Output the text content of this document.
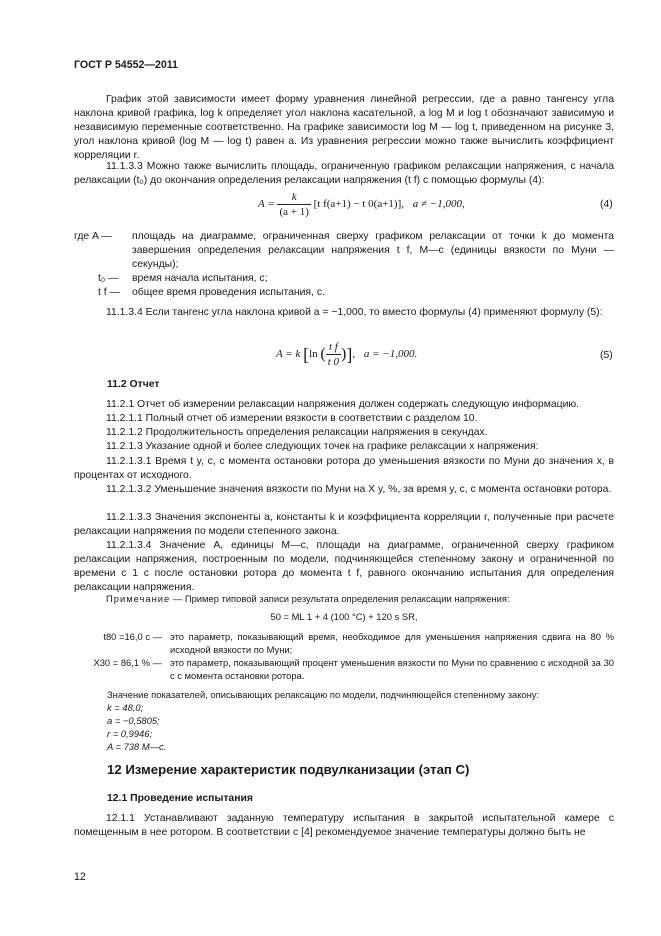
ГОСТ Р 54552—2011
График этой зависимости имеет форму уравнения линейной регрессии, где a равно тангенсу угла наклона кривой графика, log k определяет угол наклона касательной, а log M и log t обозначают зависимую и независимую переменные соответственно. На графике зависимости log M — log t, приведенном на рисунке 3, угол наклона кривой (log M — log t) равен a. Из уравнения регрессии можно также вычислить коэффициент корреляции r.
11.1.3.3 Можно также вычислить площадь, ограниченную графиком релаксации напряжения, с начала релаксации (t₀) до окончания определения релаксации напряжения (t f) с помощью формулы (4):
$A = \frac{k}{(a + 1)} [t$ f(a+1) − t 0(a+1)], a ≠ −1,000,	(4)
где A —	площадь на диаграмме, ограниченная сверху графиком релаксации от точки k до момента завершения определения релаксации напряжения t f, М—с (единицы вязкости по Муни — секунды);
t₀ — время начала испытания, с;
t f — общее время проведения испытания, с.
11.1.3.4 Если тангенс угла наклона кривой a = −1,000, то вместо формулы (4) применяют формулу (5):
A = k [ln ( $\frac{\text{t f}}{t 0}$ )], a = −1,000.	(5)
11.2 Отчет
11.2.1 Отчет об измерении релаксации напряжения должен содержать следующую информацию.
11.2.1.1 Полный отчет об измерении вязкости в соответствии с разделом 10.
11.2.1.2 Продолжительность определения релаксации напряжения в секундах.
11.2.1.3 Указание одной и более следующих точек на графике релаксации x напряжения:
11.2.1.3.1 Время t y, с, с момента остановки ротора до уменьшения вязкости по Муни до значения x, в процентах от исходного.
11.2.1.3.2 Уменьшение значения вязкости по Муни на X y, %, за время y, с, с момента остановки ротора.
11.2.1.3.3 Значения экспоненты a, константы k и коэффициента корреляции r, полученные при расчете релаксации напряжения по модели степенного закона.
11.2.1.3.4 Значение A, единицы М—с, площади на диаграмме, ограниченной сверху графиком релаксации напряжения, построенным по модели, подчиняющейся степенному закону и ограниченной по времени с 1 с после остановки ротора до момента t f, равного окончанию испытания для определения релаксации напряжения.
Примечание — Пример типовой записи результата определения релаксации напряжения:
50 = ML 1 + 4 (100 °C) + 120 s SR,
t80 =16,0 с — это параметр, показывающий время, необходимое для уменьшения напряжения сдвига на 80 % исходной вязкости по Муни;
X30 = 86,1 % — это параметр, показывающий процент уменьшения вязкости по Муни по сравнению с исходной за 30 с с момента остановки ротора.
Значение показателей, описывающих релаксацию по модели, подчиняющейся степенному закону:
k = 48,0;
a = −0,5805;
r = 0,9946;
A = 738 М—с.
12 Измерение характеристик подвулканизации (этап С)
12.1 Проведение испытания
12.1.1 Устанавливают заданную температуру испытания в закрытой испытательной камере с помещенным в нее ротором. В соответствии с [4] рекомендуемое значение температуры должно быть не
12
